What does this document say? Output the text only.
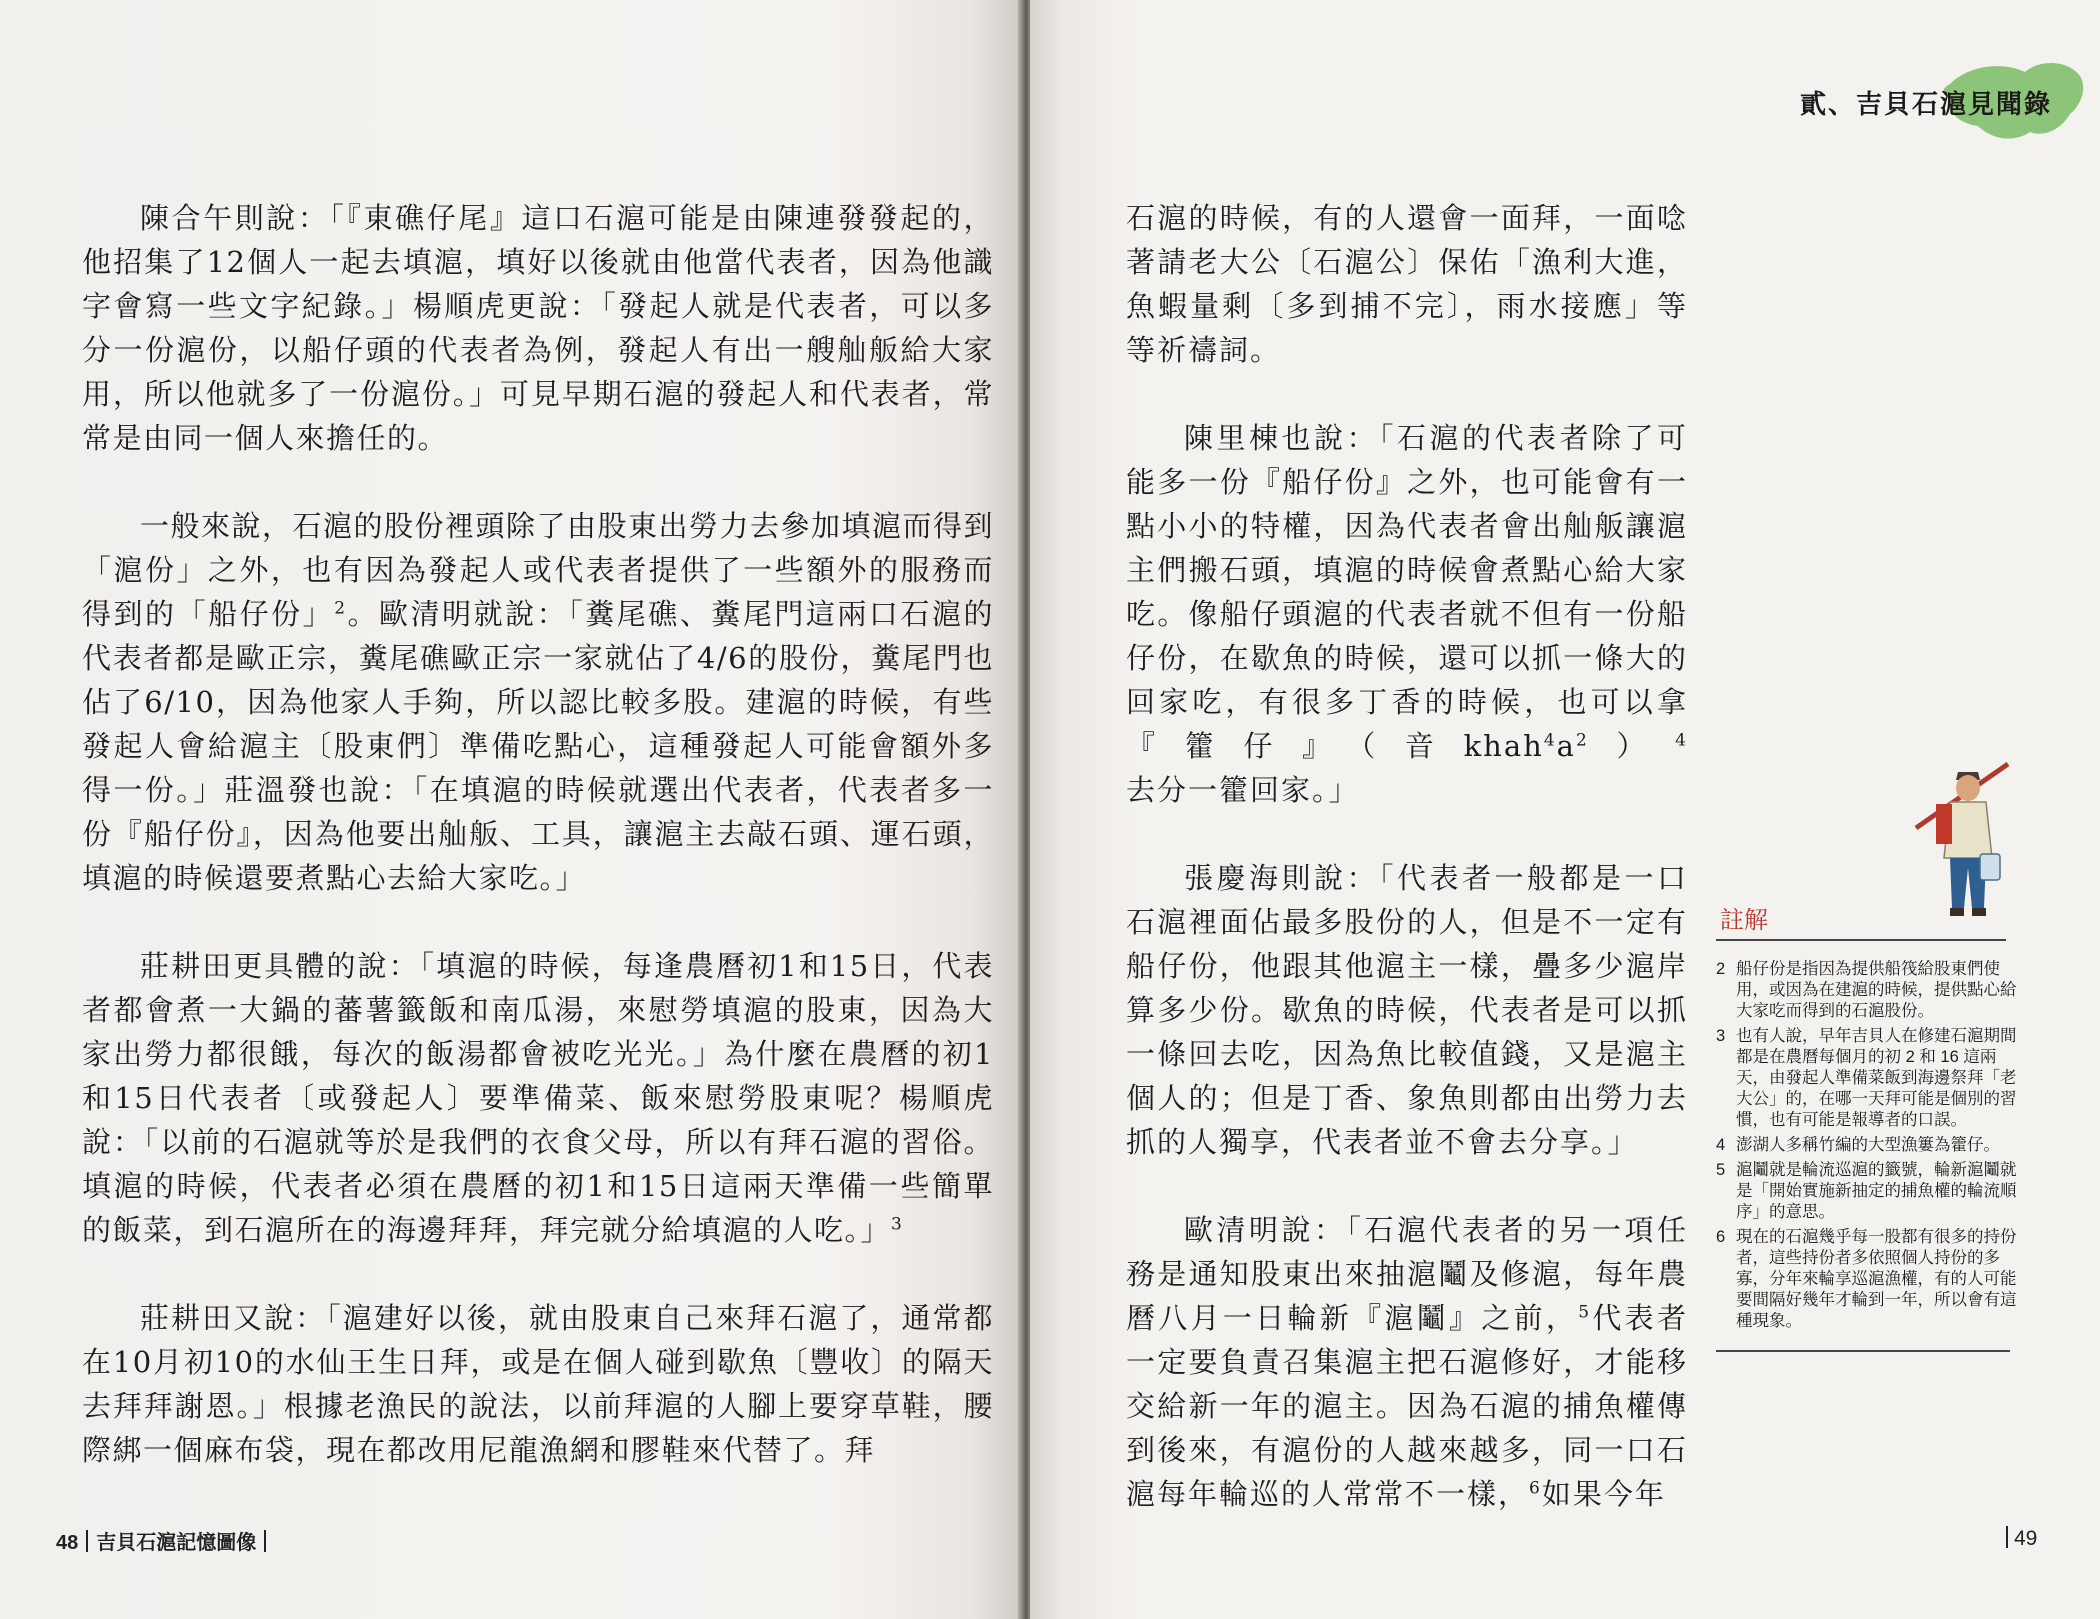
陳合午則說：「『東礁仔尾』這口石滬可能是由陳連發發起的，他招集了12個人一起去填滬，填好以後就由他當代表者，因為他識字會寫一些文字紀錄。」楊順虎更說：「發起人就是代表者，可以多分一份滬份，以船仔頭的代表者為例，發起人有出一艘舢舨給大家用，所以他就多了一份滬份。」可見早期石滬的發起人和代表者，常常是由同一個人來擔任的。

一般來說，石滬的股份裡頭除了由股東出勞力去參加填滬而得到「滬份」之外，也有因為發起人或代表者提供了一些額外的服務而得到的「船仔份」$^2$。歐清明就說：「糞尾礁、糞尾門這兩口石滬的代表者都是歐正宗，糞尾礁歐正宗一家就佔了4/6的股份，糞尾門也佔了6/10，因為他家人手夠，所以認比較多股。建滬的時候，有些發起人會給滬主〔股東們〕準備吃點心，這種發起人可能會額外多得一份。」莊溫發也說：「在填滬的時候就選出代表者，代表者多一份『船仔份』，因為他要出舢舨、工具，讓滬主去敲石頭、運石頭，填滬的時候還要煮點心去給大家吃。」

莊耕田更具體的說：「填滬的時候，每逢農曆初1和15日，代表者都會煮一大鍋的蕃薯籤飯和南瓜湯，來慰勞填滬的股東，因為大家出勞力都很餓，每次的飯湯都會被吃光光。」為什麼在農曆的初1和15日代表者〔或發起人〕要準備菜、飯來慰勞股東呢？楊順虎說：「以前的石滬就等於是我們的衣食父母，所以有拜石滬的習俗。填滬的時候，代表者必須在農曆的初1和15日這兩天準備一些簡單的飯菜，到石滬所在的海邊拜拜，拜完就分給填滬的人吃。」$^3$

莊耕田又說：「滬建好以後，就由股東自己來拜石滬了，通常都在10月初10的水仙王生日拜，或是在個人碰到歇魚〔豐收〕的隔天去拜拜謝恩。」根據老漁民的說法，以前拜滬的人腳上要穿草鞋，腰際綁一個麻布袋，現在都改用尼龍漁網和膠鞋來代替了。拜

48 吉貝石滬記憶圖像
貳、吉貝石滬見聞錄

石滬的時候，有的人還會一面拜，一面唸著請老大公〔石滬公〕保佑「漁利大進，魚蝦量剩〔多到捕不完〕，雨水接應」等等祈禱詞。

陳里棟也說：「石滬的代表者除了可能多一份『船仔份』之外，也可能會有一點小小的特權，因為代表者會出舢舨讓滬主們搬石頭，填滬的時候會煮點心給大家吃。像船仔頭滬的代表者就不但有一份船仔份，在歇魚的時候，還可以抓一條大的回家吃，有很多丁香的時候，也可以拿『籗仔』（音$khah^4a^2)^4$去分一籗回家。」

張慶海則說：「代表者一般都是一口石滬裡面佔最多股份的人，但是不一定有船仔份，他跟其他滬主一樣，疊多少滬岸算多少份。歇魚的時候，代表者是可以抓一條回去吃，因為魚比較值錢，又是滬主個人的；但是丁香、象魚則都由出勞力去抓的人獨享，代表者並不會去分享。」

歐清明說：「石滬代表者的另一項任務是通知股東出來抽滬鬮及修滬，每年農曆八月一日輪新『滬鬮』之前，$^5$代表者一定要負責召集滬主把石滬修好，才能移交給新一年的滬主。因為石滬的捕魚權傳到後來，有滬份的人越來越多，同一口石滬每年輪巡的人常常不一樣，$^6$如果今年

註解
2 船仔份是指因為提供船筏給股東們使用，或因為在建滬的時候，提供點心給大家吃而得到的石滬股份。
3 也有人說，早年吉貝人在修建石滬期間都是在農曆每個月的初 2 和 16 這兩天，由發起人準備菜飯到海邊祭拜「老大公」的，在哪一天拜可能是個別的習慣，也有可能是報導者的口誤。
4 澎湖人多稱竹編的大型漁簍為籗仔。
5 滬鬮就是輪流巡滬的籤號，輪新滬鬮就是「開始實施新抽定的捕魚權的輪流順序」的意思。
6 現在的石滬幾乎每一股都有很多的持份者，這些持份者多依照個人持份的多寡，分年來輪享巡滬漁權，有的人可能要間隔好幾年才輪到一年，所以會有這種現象。
49
